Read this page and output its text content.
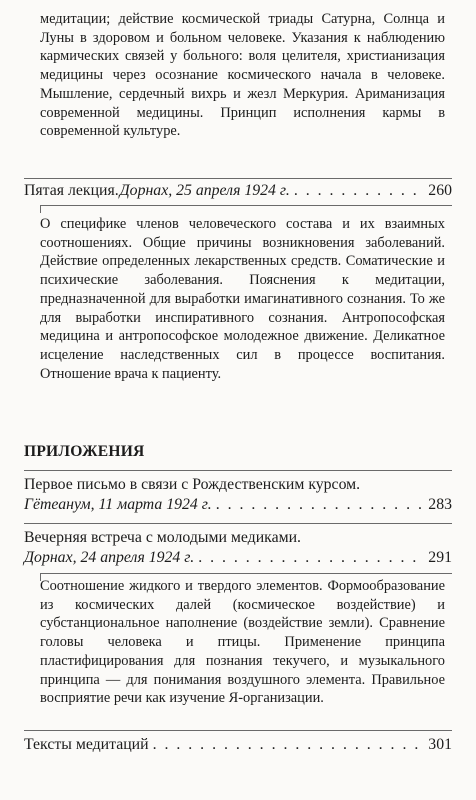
медитации; действие космической триады Сатурна, Солнца и Луны в здоровом и больном человеке. Указания к наблюдению кармических связей у больного: воля целителя, христианизация медицины через осознание космического начала в человеке. Мышление, сердечный вихрь и жезл Меркурия. Ариманизация современной медицины. Принцип исполнения кармы в современной культуре.
Пятая лекция. Дорнах, 25 апреля 1924 г. . . .	260
О специфике членов человеческого состава и их взаимных соотношениях. Общие причины возникновения заболеваний. Действие определенных лекарственных средств. Соматические и психические заболевания. Пояснения к медитации, предназначенной для выработки имагинативного сознания. То же для выработки инспиративного сознания. Антропософская медицина и антропософское молодежное движение. Деликатное исцеление наследственных сил в процессе воспитания. Отношение врача к пациенту.
ПРИЛОЖЕНИЯ
Первое письмо в связи с Рождественским курсом.
Гётеанум, 11 марта 1924 г. . . .	283
Вечерняя встреча с молодыми медиками.
Дорнах, 24 апреля 1924 г. . . .	291
Соотношение жидкого и твердого элементов. Формообразование из космических далей (космическое воздействие) и субстанциональное наполнение (воздействие земли). Сравнение головы человека и птицы. Применение принципа пластифицирования для познания текучего, и музыкального принципа — для понимания воздушного элемента. Правильное восприятие речи как изучение Я-организации.
Тексты медитаций . . .	301
